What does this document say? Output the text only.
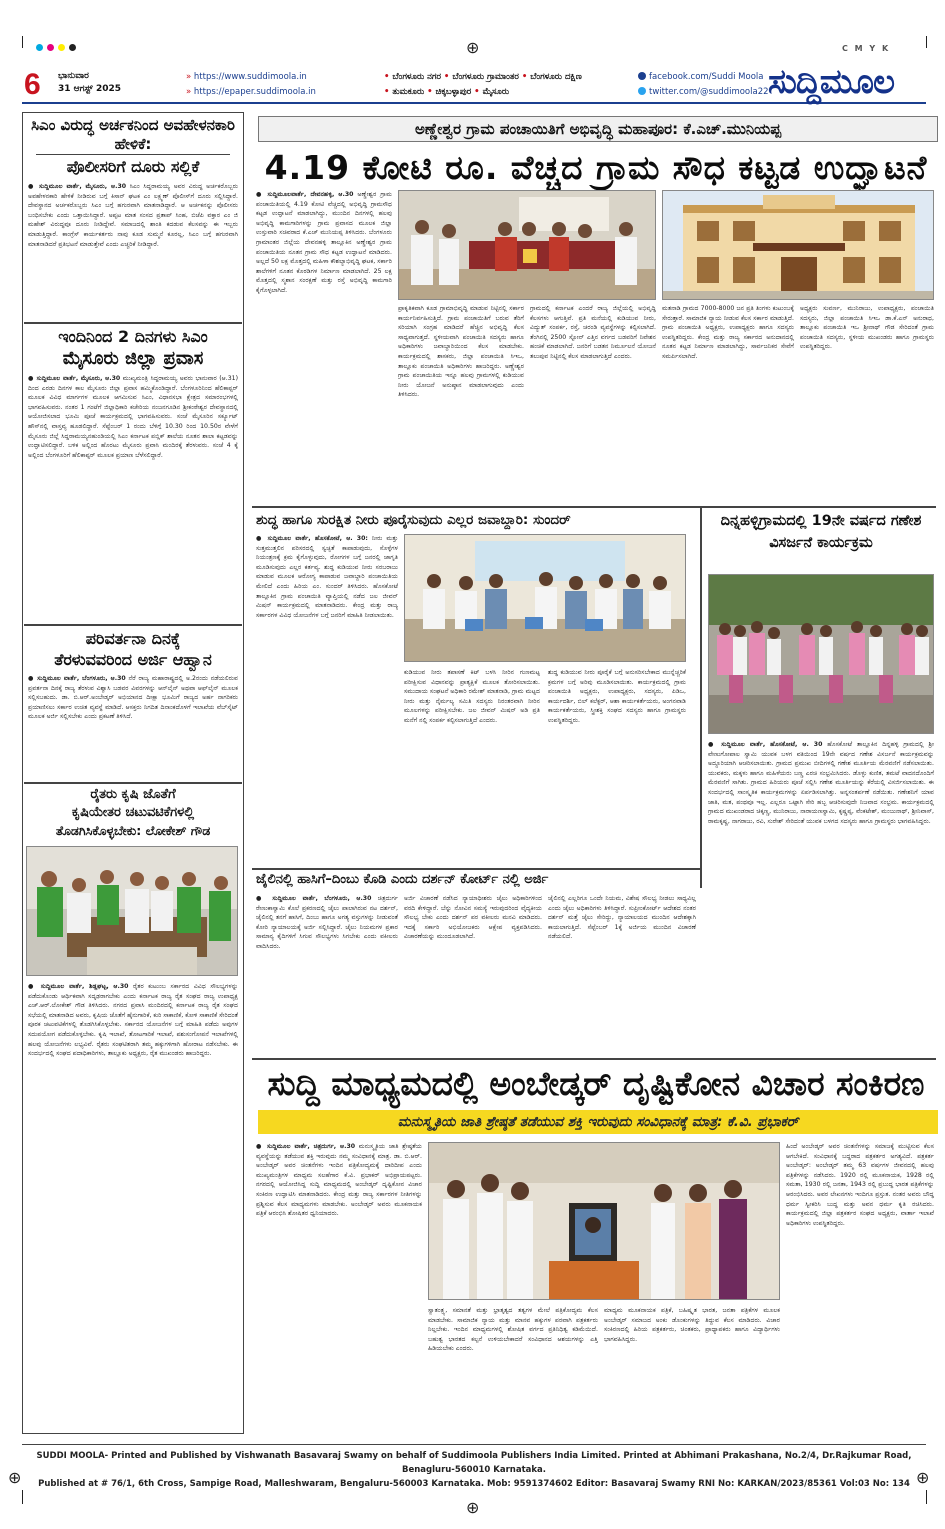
⊕
⊕	⊕
⊕
C M Y K
6 ಭಾನುವಾರ
31 ಆಗಸ್ಟ್ 2025
» https://www.suddimoola.in
» https://epaper.suddimoola.in
• ಬೆಂಗಳೂರು ನಗರ • ಬೆಂಗಳೂರು ಗ್ರಾಮಾಂತರ • ಬೆಂಗಳೂರು ದಕ್ಷಿಣ
• ತುಮಕೂರು • ಚಿಕ್ಕಬಳ್ಳಾಪುರ • ಮೈಸೂರು
facebook.com/Suddi Moola
twitter.com/@suddimoola22 ಸುದ್ದಿಮೂಲ
ಸಿಎಂ ವಿರುದ್ಧ ಅರ್ಚಕನಿಂದ ಅವಹೇಳನಕಾರಿ ಹೇಳಿಕೆ:
ಪೊಲೀಸರಿಗೆ ದೂರು ಸಲ್ಲಿಕೆ
● ಸುದ್ದಿಮೂಲ ವಾರ್ತೆ, ಮೈಸೂರು, ಆ.30 ಸಿಎಂ ಸಿದ್ದರಾಮಯ್ಯ ಅವರ ವಿರುದ್ಧ ಅರ್ಚಕರೊಬ್ಬರು ಅವಹೇಳನಕಾರಿ ಹೇಳಿಕೆ ನೀಡಿರುವ ಬಗ್ಗೆ ಕಿಸಾನ್ ಘಟಕ ಎಂ ಲಕ್ಷ್ಮಣ್ ಪೊಲೀಸ್‌ಗೆ ದೂರು ಸಲ್ಲಿಸಿದ್ದಾರೆ. ದೇವಸ್ಥಾನದ ಅರ್ಚಕರೊಬ್ಬರು ಸಿಎಂ ಬಗ್ಗೆ ಹಗುರವಾಗಿ ಮಾತನಾಡಿದ್ದಾರೆ. ಆ ಅರ್ಚಕನನ್ನು ಪೊಲೀಸರು ಬಂಧಿಸಬೇಕು ಎಂದು ಒತ್ತಾಯಿಸಿದ್ದಾರೆ. ಅಪ್ಪಟ ಮಾತ ಸಂಸದ ಪ್ರತಾಪ್ ಸಿಂಹ, ಬಿಜೆಪಿ ವಕ್ತಾರ ಎಂ ಜಿ ಮಹೇಶ್ ವಿರುದ್ಧವೂ ದೂರು ನೀಡಿದ್ದೇವೆ. ಸಮಾಜದಲ್ಲಿ ಶಾಂತಿ ಕದಡುವ ಕೆಲಸವನ್ನು ಈ ಇಬ್ಬರು ಮಾಡುತ್ತಿದ್ದಾರೆ. ಕಾಂಗ್ರೆಸ್ ಕಾರ್ಯಕರ್ತರು ನಾವು ಕೂಡ ಸುಮ್ಮನೆ ಕೂರಲ್ಲ, ಸಿಎಂ ಬಗ್ಗೆ ಹಗುರವಾಗಿ ಮಾತನಾಡಿದರೆ ಪ್ರತಿಭಟನೆ ಮಾಡುತ್ತೇವೆ ಎಂದು ಎಚ್ಚರಿಕೆ ನೀಡಿದ್ದಾರೆ.
ಇಂದಿನಿಂದ 2 ದಿನಗಳು ಸಿಎಂ
ಮೈಸೂರು ಜಿಲ್ಲಾ ಪ್ರವಾಸ
● ಸುದ್ದಿಮೂಲ ವಾರ್ತೆ, ಮೈಸೂರು, ಆ.30 ಮುಖ್ಯಮಂತ್ರಿ ಸಿದ್ದರಾಮಯ್ಯ ಅವರು ಭಾನುವಾರ (ಆ.31) ದಿಂದ ಎರಡು ದಿನಗಳ ಕಾಲ ಮೈಸೂರು ಜಿಲ್ಲಾ ಪ್ರವಾಸ ಹಮ್ಮಿಕೊಂಡಿದ್ದಾರೆ. ಬೆಂಗಳೂರಿನಿಂದ ಹೆಲಿಕಾಪ್ಟರ್ ಮೂಲಕ ವಿವಿಧ ಮಾರ್ಗಗಳ ಮೂಲಕ ಆಗಮಿಸುವ ಸಿಎಂ, ವಿಧಾನಸಭಾ ಕ್ಷೇತ್ರದ ಸಮಾರಂಭಗಳಲ್ಲಿ ಭಾಗವಹಿಸುವರು. ನಂತರ 1 ಗಂಟೆಗೆ ಜಿಲ್ಲಾಧಿಕಾರಿ ಕಚೇರಿಯ ನಂಜನಗೂಡಿನ ಶ್ರೀಕಂಠೇಶ್ವರ ದೇವಸ್ಥಾನದಲ್ಲಿ ಆಯೋಜಿಸಲಾದ ಭೂಮಿ ಪೂಜೆ ಕಾರ್ಯಕ್ರಮದಲ್ಲಿ ಭಾಗವಹಿಸುವರು. ಸಂಜೆ ಮೈಸೂರಿನ ಸರ್ಕ್ಯೂಟ್ ಹೌಸ್‌ನಲ್ಲಿ ವಾಸ್ತವ್ಯ ಹೂಡಲಿದ್ದಾರೆ. ಸೆಪ್ಟೆಂಬರ್ 1 ರಂದು ಬೆಳಿಗ್ಗೆ 10.30 ರಿಂದ 10.50ರ ವೇಳೆಗೆ ಮೈಸೂರು ಜಿಲ್ಲೆ ಸಿದ್ದರಾಮಯ್ಯನಹುಂಡಿಯಲ್ಲಿ ಸಿಎಂ ಕರ್ನಾಟಕ ಪಬ್ಲಿಕ್ ಶಾಲೆಯ ನೂತನ ಶಾಲಾ ಕಟ್ಟಡವನ್ನು ಉದ್ಘಾಟಿಸಲಿದ್ದಾರೆ. ಬಳಿಕ ಅಲ್ಲಿಂದ ಹೊರಟು ಮೈಸೂರು ಪ್ರವಾಸಿ ಮಂದಿರಕ್ಕೆ ತೆರಳುವರು. ಸಂಜೆ 4 ಕ್ಕೆ ಅಲ್ಲಿಂದ ಬೆಂಗಳೂರಿಗೆ ಹೆಲಿಕಾಪ್ಟರ್ ಮೂಲಕ ಪ್ರಯಾಣ ಬೆಳೆಸಲಿದ್ದಾರೆ.
ಪರಿವರ್ತನಾ ದಿನಕ್ಕೆ
ತೆರಳುವವರಿಂದ ಅರ್ಜಿ ಆಹ್ವಾನ
● ಸುದ್ದಿಮೂಲ ವಾರ್ತೆ, ಬೆಂಗಳೂರು, ಆ.30 ನೆರೆ ರಾಜ್ಯ ಮಹಾರಾಷ್ಟ್ರದಲ್ಲಿ ಅ.2ರಂದು ನಡೆಯಲಿರುವ ಪ್ರವರ್ತನಾ ದಿನಕ್ಕೆ ರಾಜ್ಯ ತೆರಳುವ ವಿಶ್ವಾಸಿ ಬಡವರ ವಿವರಗಳನ್ನು ಆನ್‌ಲೈನ್ ಅಥವಾ ಆಫ್‌ಲೈನ್ ಮೂಲಕ ಸಲ್ಲಿಸಬಹುದು. ಡಾ. ಬಿ.ಆರ್.ಅಂಬೇಡ್ಕರ್ ಅಭಿಯಾನದ ದೀಕ್ಷಾ ಭೂಮಿಗೆ ರಾಜ್ಯದ ಅರ್ಹ ನಾಗರಿಕರು ಪ್ರಯಾಣಿಸಲು ಸರ್ಕಾರ ಉಚಿತ ವ್ಯವಸ್ಥೆ ಮಾಡಿದೆ. ಆಸಕ್ತರು ನಿಗದಿತ ದಿನಾಂಕದೊಳಗೆ ಇಲಾಖೆಯ ವೆಬ್‌ಸೈಟ್ ಮೂಲಕ ಅರ್ಜಿ ಸಲ್ಲಿಸಬೇಕು ಎಂದು ಪ್ರಕಟಣೆ ತಿಳಿಸಿದೆ.
ರೈತರು ಕೃಷಿ ಜೊತೆಗೆ
ಕೃಷಿಯೇತರ ಚಟುವಟಿಕೆಗಳಲ್ಲಿ
ತೊಡಗಿಸಿಕೊಳ್ಳಬೇಕು: ಲೋಕೇಶ್ ಗೌಡ
● ಸುದ್ದಿಮೂಲ ವಾರ್ತೆ, ಶಿಡ್ಲಘಟ್ಟ, ಆ.30 ರೈತರ ಕುಟುಂಬ ಸರ್ಕಾರದ ವಿವಿಧ ಸೌಲಭ್ಯಗಳನ್ನು ಪಡೆದುಕೊಂಡು ಆರ್ಥಿಕವಾಗಿ ಸದೃಢರಾಗಬೇಕು ಎಂದು ಕರ್ನಾಟಕ ರಾಜ್ಯ ರೈತ ಸಂಘದ ರಾಜ್ಯ ಉಪಾಧ್ಯಕ್ಷ ಎಚ್.ಆರ್.ಲೋಕೇಶ್ ಗೌಡ ತಿಳಿಸಿದರು. ನಗರದ ಪ್ರವಾಸಿ ಮಂದಿರದಲ್ಲಿ ಕರ್ನಾಟಕ ರಾಜ್ಯ ರೈತ ಸಂಘದ ಸಭೆಯಲ್ಲಿ ಮಾತನಾಡಿದ ಅವರು, ಕೃಷಿಯ ಜೊತೆಗೆ ಹೈನುಗಾರಿಕೆ, ಕುರಿ ಸಾಕಾಣಿಕೆ, ಕೋಳಿ ಸಾಕಾಣಿಕೆ ಸೇರಿದಂತೆ ಪೂರಕ ಚಟುವಟಿಕೆಗಳಲ್ಲಿ ತೊಡಗಿಸಿಕೊಳ್ಳಬೇಕು. ಸರ್ಕಾರದ ಯೋಜನೆಗಳ ಬಗ್ಗೆ ಮಾಹಿತಿ ಪಡೆದು ಅವುಗಳ ಸದುಪಯೋಗ ಪಡೆದುಕೊಳ್ಳಬೇಕು. ಕೃಷಿ ಇಲಾಖೆ, ತೋಟಗಾರಿಕೆ ಇಲಾಖೆ, ಪಶುಸಂಗೋಪನೆ ಇಲಾಖೆಗಳಲ್ಲಿ ಹಲವು ಯೋಜನೆಗಳು ಲಭ್ಯವಿವೆ. ರೈತರು ಸಂಘಟಿತರಾಗಿ ತಮ್ಮ ಹಕ್ಕುಗಳಿಗಾಗಿ ಹೋರಾಟ ನಡೆಸಬೇಕು. ಈ ಸಂದರ್ಭದಲ್ಲಿ ಸಂಘದ ಪದಾಧಿಕಾರಿಗಳು, ತಾಲ್ಲೂಕು ಅಧ್ಯಕ್ಷರು, ರೈತ ಮುಖಂಡರು ಹಾಜರಿದ್ದರು.
ಅಣ್ಣೇಶ್ವರ ಗ್ರಾಮ ಪಂಚಾಯಿತಿಗೆ ಅಭಿವೃದ್ಧಿ ಮಹಾಪೂರ: ಕೆ.ಎಚ್.ಮುನಿಯಪ್ಪ
4.19 ಕೋಟಿ ರೂ. ವೆಚ್ಚದ ಗ್ರಾಮ ಸೌಧ ಕಟ್ಟಡ ಉದ್ಘಾಟನೆ
● ಸುದ್ದಿಮೂಲವಾರ್ತೆ, ದೇವನಹಳ್ಳಿ, ಆ.30 ಅಣ್ಣೇಶ್ವರ ಗ್ರಾಮ ಪಂಚಾಯಿತಿಯಲ್ಲಿ 4.19 ಕೋಟಿ ವೆಚ್ಚದಲ್ಲಿ ಅಭಿವೃದ್ಧಿ ಗ್ರಾಮಸೌಧ ಕಟ್ಟಡ ಉದ್ಘಾಟನೆ ಮಾಡಲಾಗಿದ್ದು, ಮುಂದಿನ ದಿನಗಳಲ್ಲಿ ಹಲವು ಅಭಿವೃದ್ಧಿ ಕಾಮಗಾರಿಗಳನ್ನು ಗ್ರಾಮ ಪ್ರವಾಸದ ಮೂಲಕ ಜಿಲ್ಲಾ ಉಸ್ತುವಾರಿ ಸಚಿವರಾದ ಕೆ.ಎಚ್ ಮುನಿಯಪ್ಪ ತಿಳಿಸಿದರು. ಬೆಂಗಳೂರು ಗ್ರಾಮಾಂತರ ಜಿಲ್ಲೆಯ ದೇವನಹಳ್ಳಿ ತಾಲ್ಲೂಕಿನ ಅಣ್ಣೇಶ್ವರ ಗ್ರಾಮ ಪಂಚಾಯಿತಿಯ ನೂತನ ಗ್ರಾಮ ಸೌಧ ಕಟ್ಟಡ ಉದ್ಘಾಟನೆ ಮಾಡಿದರು. ಅಲ್ಲದೆ 50 ಲಕ್ಷ ಮೊತ್ತದಲ್ಲಿ ಮಹಿಳಾ ಕೌಶಲ್ಯಾಭಿವೃದ್ಧಿ ಘಟಕ, ಸರ್ಕಾರಿ ಶಾಲೆಗಳಿಗೆ ನೂತನ ಕೊಠಡಿಗಳ ನಿರ್ಮಾಣ ಮಾಡಲಾಗಿದೆ. 25 ಲಕ್ಷ ಮೊತ್ತದಲ್ಲಿ ಸ್ಮಶಾನ ಸಂರಕ್ಷಣೆ ಮತ್ತು ರಸ್ತೆ ಅಭಿವೃದ್ಧಿ ಕಾಮಗಾರಿ ಕೈಗೊಳ್ಳಲಾಗಿದೆ.
ಪ್ರಾಕೃತಿಕವಾಗಿ ಕೂಡ ಗ್ರಾಮಾಭಿವೃದ್ಧಿ ಮಾಡುವ ನಿಟ್ಟಿನಲ್ಲಿ ಸರ್ಕಾರ ಕಾರ್ಯನಿರ್ವಹಿಸುತ್ತಿದೆ. ಗ್ರಾಮ ಪಂಚಾಯಿತಿಗೆ ಬರುವ ತೆರಿಗೆ ಸರಿಯಾಗಿ ಸಂಗ್ರಹ ಮಾಡಿದರೆ ಹೆಚ್ಚಿನ ಅಭಿವೃದ್ಧಿ ಕೆಲಸ ಸಾಧ್ಯವಾಗುತ್ತದೆ. ಸ್ಥಳೀಯವಾಗಿ ಪಂಚಾಯಿತಿ ಸದಸ್ಯರು ಹಾಗೂ ಅಧಿಕಾರಿಗಳು ಜವಾಬ್ದಾರಿಯಿಂದ ಕೆಲಸ ಮಾಡಬೇಕು. ಕಾರ್ಯಕ್ರಮದಲ್ಲಿ ಶಾಸಕರು, ಜಿಲ್ಲಾ ಪಂಚಾಯಿತಿ ಸಿಇಒ, ತಾಲ್ಲೂಕು ಪಂಚಾಯಿತಿ ಅಧಿಕಾರಿಗಳು ಹಾಜರಿದ್ದರು. ಅಣ್ಣೇಶ್ವರ ಗ್ರಾಮ ಪಂಚಾಯಿತಿಯ ಇನ್ನೂ ಹಲವು ಗ್ರಾಮಗಳಲ್ಲಿ ಕುಡಿಯುವ ನೀರು ಯೋಜನೆ ಅನುಷ್ಠಾನ ಮಾಡಲಾಗುವುದು ಎಂದು ತಿಳಿಸಿದರು.
ಗ್ರಾಮದಲ್ಲಿ ಕರ್ನಾಟಕ ಎಂದರೆ ರಾಜ್ಯ ಜಿಲ್ಲೆಯಲ್ಲಿ ಅಭಿವೃದ್ಧಿ ಕೆಲಸಗಳು ಆಗುತ್ತಿವೆ. ಪ್ರತಿ ಮನೆಯಲ್ಲಿ ಕುಡಿಯುವ ನೀರು, ವಿದ್ಯುತ್ ಸಂಪರ್ಕ, ರಸ್ತೆ, ಚರಂಡಿ ವ್ಯವಸ್ಥೆಗಳನ್ನು ಕಲ್ಪಿಸಲಾಗಿದೆ. ತೆಂಗಿನಲ್ಲಿ 2500 ಸ್ಟೋನ್ ಎತ್ತಿನ ವರ್ಗದ ಬಡವರಿಗೆ ನಿವೇಶನ ಹಂಚಿಕೆ ಮಾಡಲಾಗಿದೆ. ಜನರಿಗೆ ಬಡತನ ನಿರ್ಮೂಲನೆ ಯೋಜನೆ ತಲುಪುವ ನಿಟ್ಟಿನಲ್ಲಿ ಕೆಲಸ ಮಾಡಲಾಗುತ್ತಿದೆ ಎಂದರು.
ಮತನಾಡಿ ಗ್ರಾಮದ 7000-8000 ಜನ ಪ್ರತಿ ತಿಂಗಳು ಕುಟುಂಬಕ್ಕೆ ಸೇರುತ್ತಾರೆ. ಸಾಮಾಜಿಕ ನ್ಯಾಯ ನೀಡುವ ಕೆಲಸ ಸರ್ಕಾರ ಮಾಡುತ್ತಿದೆ. ಗ್ರಾಮ ಪಂಚಾಯಿತಿ ಅಧ್ಯಕ್ಷರು, ಉಪಾಧ್ಯಕ್ಷರು ಹಾಗೂ ಸದಸ್ಯರು ಉಪಸ್ಥಿತರಿದ್ದರು. ಕೇಂದ್ರ ಮತ್ತು ರಾಜ್ಯ ಸರ್ಕಾರದ ಅನುದಾನದಲ್ಲಿ ನೂತನ ಕಟ್ಟಡ ನಿರ್ಮಾಣ ಮಾಡಲಾಗಿದ್ದು, ಸಾರ್ವಜನಿಕರ ಸೇವೆಗೆ ಸಮರ್ಪಿಸಲಾಗಿದೆ.
ಅಧ್ಯಕ್ಷರು ಸುವರ್ಣ, ಮುನಿರಾಜು, ಉಪಾಧ್ಯಕ್ಷರು, ಪಂಚಾಯಿತಿ ಸದಸ್ಯರು, ಜಿಲ್ಲಾ ಪಂಚಾಯಿತಿ ಸಿಇಒ ಡಾ.ಕೆ.ಎನ್ ಅನುರಾಧ, ತಾಲ್ಲೂಕು ಪಂಚಾಯಿತಿ ಇಒ ಶ್ರೀನಾಥ್ ಗೌಡ ಸೇರಿದಂತೆ ಗ್ರಾಮ ಪಂಚಾಯಿತಿ ಸದಸ್ಯರು, ಸ್ಥಳೀಯ ಮುಖಂಡರು ಹಾಗೂ ಗ್ರಾಮಸ್ಥರು ಉಪಸ್ಥಿತರಿದ್ದರು.
ಶುದ್ಧ ಹಾಗೂ ಸುರಕ್ಷಿತ ನೀರು ಪೂರೈಸುವುದು ಎಲ್ಲರ ಜವಾಬ್ದಾರಿ: ಸುಂದರ್
● ಸುದ್ದಿಮೂಲ ವಾರ್ತೆ, ಹೊಸಕೋಟೆ, ಆ. 30: ನೀರು ಮತ್ತು ಸುತ್ತಮುತ್ತಲಿನ ಪರಿಸರದಲ್ಲಿ ಸ್ವಚ್ಛತೆ ಕಾಪಾಡುವುದು, ಸೊಳ್ಳೆಗಳ ನಿಯಂತ್ರಣಕ್ಕೆ ಕ್ರಮ ಕೈಗೊಳ್ಳುವುದು, ರೋಗಗಳ ಬಗ್ಗೆ ಜನರಲ್ಲಿ ಜಾಗೃತಿ ಮೂಡಿಸುವುದು ಎಲ್ಲರ ಕರ್ತವ್ಯ. ಶುದ್ಧ ಕುಡಿಯುವ ನೀರು ಸರಬರಾಜು ಮಾಡುವ ಮೂಲಕ ಆರೋಗ್ಯ ಕಾಪಾಡುವ ಜವಾಬ್ದಾರಿ ಪಂಚಾಯಿತಿಯ ಮೇಲಿದೆ ಎಂದು ಹಿರಿಯ ಎಂ. ಸುಂದರ್ ತಿಳಿಸಿದರು. ಹೊಸಕೋಟೆ ತಾಲ್ಲೂಕಿನ ಗ್ರಾಮ ಪಂಚಾಯಿತಿ ವ್ಯಾಪ್ತಿಯಲ್ಲಿ ನಡೆದ ಜಲ ಜೀವನ್ ಮಿಷನ್ ಕಾರ್ಯಕ್ರಮದಲ್ಲಿ ಮಾತನಾಡಿದರು. ಕೇಂದ್ರ ಮತ್ತು ರಾಜ್ಯ ಸರ್ಕಾರಗಳ ವಿವಿಧ ಯೋಜನೆಗಳ ಬಗ್ಗೆ ಜನರಿಗೆ ಮಾಹಿತಿ ನೀಡಲಾಯಿತು.
ಕುಡಿಯುವ ನೀರು ತಪಾಸಣೆ ಕಿಟ್ ಬಳಸಿ ನೀರಿನ ಗುಣಮಟ್ಟ ಪರೀಕ್ಷಿಸುವ ವಿಧಾನವನ್ನು ಪ್ರಾತ್ಯಕ್ಷಿಕೆ ಮೂಲಕ ತೋರಿಸಲಾಯಿತು. ಸಮುದಾಯ ಸಂಘಟನೆ ಅಧಿಕಾರಿ ರಮೇಶ್ ಮಾತನಾಡಿ, ಗ್ರಾಮ ಮಟ್ಟದ ನೀರು ಮತ್ತು ನೈರ್ಮಲ್ಯ ಸಮಿತಿ ಸದಸ್ಯರು ನಿರಂತರವಾಗಿ ನೀರಿನ ಮೂಲಗಳನ್ನು ಪರೀಕ್ಷಿಸಬೇಕು. ಜಲ ಜೀವನ್ ಮಿಷನ್ ಅಡಿ ಪ್ರತಿ ಮನೆಗೆ ನಲ್ಲಿ ಸಂಪರ್ಕ ಕಲ್ಪಿಸಲಾಗುತ್ತಿದೆ ಎಂದರು.
ಶುದ್ಧ ಕುಡಿಯುವ ನೀರು ಪೂರೈಕೆ ಬಗ್ಗೆ ಅನುಸರಿಸಬೇಕಾದ ಮುನ್ನೆಚ್ಚರಿಕೆ ಕ್ರಮಗಳ ಬಗ್ಗೆ ಅರಿವು ಮೂಡಿಸಲಾಯಿತು. ಕಾರ್ಯಕ್ರಮದಲ್ಲಿ ಗ್ರಾಮ ಪಂಚಾಯಿತಿ ಅಧ್ಯಕ್ಷರು, ಉಪಾಧ್ಯಕ್ಷರು, ಸದಸ್ಯರು, ಪಿಡಿಒ, ಕಾರ್ಯದರ್ಶಿ, ಬಿಲ್ ಕಲೆಕ್ಟರ್, ಆಶಾ ಕಾರ್ಯಕರ್ತೆಯರು, ಅಂಗನವಾಡಿ ಕಾರ್ಯಕರ್ತೆಯರು, ಸ್ತ್ರೀಶಕ್ತಿ ಸಂಘದ ಸದಸ್ಯರು ಹಾಗೂ ಗ್ರಾಮಸ್ಥರು ಉಪಸ್ಥಿತರಿದ್ದರು.
ದಿನ್ನಹಳ್ಳಿಗ್ರಾಮದಲ್ಲಿ 19ನೇ ವರ್ಷದ ಗಣೇಶ ವಿಸರ್ಜನೆ ಕಾರ್ಯಕ್ರಮ
● ಸುದ್ದಿಮೂಲ ವಾರ್ತೆ, ಹೊಸಕೋಟೆ, ಆ. 30 ಹೊಸಕೋಟೆ ತಾಲ್ಲೂಕಿನ ದಿನ್ನಹಳ್ಳಿ ಗ್ರಾಮದಲ್ಲಿ ಶ್ರೀ ವೇಣುಗೋಪಾಲ ಸ್ವಾಮಿ ಯುವಕ ಬಳಗ ವತಿಯಿಂದ 19ನೇ ವರ್ಷದ ಗಣೇಶ ವಿಸರ್ಜನೆ ಕಾರ್ಯಕ್ರಮವನ್ನು ಅದ್ದೂರಿಯಾಗಿ ಆಚರಿಸಲಾಯಿತು. ಗ್ರಾಮದ ಪ್ರಮುಖ ಬೀದಿಗಳಲ್ಲಿ ಗಣೇಶ ಮೂರ್ತಿಯ ಮೆರವಣಿಗೆ ನಡೆಸಲಾಯಿತು. ಯುವಕರು, ಮಕ್ಕಳು ಹಾಗೂ ಮಹಿಳೆಯರು ಬಣ್ಣ ಎರಚಿ ಸಂಭ್ರಮಿಸಿದರು. ಡೊಳ್ಳು ಕುಣಿತ, ತಮಟೆ ವಾದನದೊಂದಿಗೆ ಮೆರವಣಿಗೆ ಸಾಗಿತು. ಗ್ರಾಮದ ಹಿರಿಯರು ಪೂಜೆ ಸಲ್ಲಿಸಿ ಗಣೇಶ ಮೂರ್ತಿಯನ್ನು ಕೆರೆಯಲ್ಲಿ ವಿಸರ್ಜಿಸಲಾಯಿತು. ಈ ಸಂದರ್ಭದಲ್ಲಿ ಸಾಂಸ್ಕೃತಿಕ ಕಾರ್ಯಕ್ರಮಗಳನ್ನು ಏರ್ಪಡಿಸಲಾಗಿತ್ತು. ಅನ್ನಸಂತರ್ಪಣೆ ನಡೆಯಿತು. ಗಣೇಶನಿಗೆ ಯಾವ ಜಾತಿ, ಮತ, ಪಂಥವೂ ಇಲ್ಲ. ಎಲ್ಲರೂ ಒಟ್ಟಾಗಿ ಸೇರಿ ಹಬ್ಬ ಆಚರಿಸುವುದೇ ನಿಜವಾದ ಸಂಭ್ರಮ. ಕಾರ್ಯಕ್ರಮದಲ್ಲಿ ಗ್ರಾಮದ ಮುಖಂಡರಾದ ಚಿಕ್ಕಣ್ಣ, ಮುನಿರಾಜು, ನಾರಾಯಣಸ್ವಾಮಿ, ಕೃಷ್ಣಪ್ಪ, ವೆಂಕಟೇಶ್, ಮಂಜುನಾಥ್, ಶ್ರೀನಿವಾಸ್, ರಾಮಕೃಷ್ಣ, ನಾಗರಾಜು, ರವಿ, ಸುರೇಶ್ ಸೇರಿದಂತೆ ಯುವಕ ಬಳಗದ ಸದಸ್ಯರು ಹಾಗೂ ಗ್ರಾಮಸ್ಥರು ಭಾಗವಹಿಸಿದ್ದರು.
ಜೈಲಿನಲ್ಲಿ ಹಾಸಿಗೆ–ದಿಂಬು ಕೊಡಿ ಎಂದು ದರ್ಶನ್ ಕೋರ್ಟ್ ನಲ್ಲಿ ಅರ್ಜಿ
● ಸುದ್ದಿಮೂಲ ವಾರ್ತೆ, ಬೆಂಗಳೂರು, ಆ.30 ಚಿತ್ರದುರ್ಗ ರೇಣುಕಾಸ್ವಾಮಿ ಕೊಲೆ ಪ್ರಕರಣದಲ್ಲಿ ಜೈಲು ಪಾಲಾಗಿರುವ ನಟ ದರ್ಶನ್, ಜೈಲಿನಲ್ಲಿ ತನಗೆ ಹಾಸಿಗೆ, ದಿಂಬು ಹಾಗೂ ಅಗತ್ಯ ವಸ್ತುಗಳನ್ನು ನೀಡುವಂತೆ ಕೋರಿ ನ್ಯಾಯಾಲಯಕ್ಕೆ ಅರ್ಜಿ ಸಲ್ಲಿಸಿದ್ದಾರೆ. ಜೈಲು ನಿಯಮಗಳ ಪ್ರಕಾರ ಸಾಮಾನ್ಯ ಕೈದಿಗಳಿಗೆ ಸಿಗುವ ಸೌಲಭ್ಯಗಳು ಸಿಗಬೇಕು ಎಂದು ವಕೀಲರು ವಾದಿಸಿದರು.
ಅರ್ಜಿ ವಿಚಾರಣೆ ನಡೆಸಿದ ನ್ಯಾಯಾಧೀಶರು ಜೈಲು ಅಧಿಕಾರಿಗಳಿಂದ ವರದಿ ಕೇಳಿದ್ದಾರೆ. ಬೆನ್ನು ನೋವಿನ ಸಮಸ್ಯೆ ಇರುವುದರಿಂದ ವೈದ್ಯಕೀಯ ಸೌಲಭ್ಯ ಬೇಕು ಎಂದು ದರ್ಶನ್ ಪರ ವಕೀಲರು ಮನವಿ ಮಾಡಿದರು. ಇದಕ್ಕೆ ಸರ್ಕಾರಿ ಅಭಿಯೋಜಕರು ಆಕ್ಷೇಪ ವ್ಯಕ್ತಪಡಿಸಿದರು. ವಿಚಾರಣೆಯನ್ನು ಮುಂದೂಡಲಾಗಿದೆ.
ಜೈಲಿನಲ್ಲಿ ಎಲ್ಲರಿಗೂ ಒಂದೇ ನಿಯಮ, ವಿಶೇಷ ಸೌಲಭ್ಯ ನೀಡಲು ಸಾಧ್ಯವಿಲ್ಲ ಎಂದು ಜೈಲು ಅಧಿಕಾರಿಗಳು ತಿಳಿಸಿದ್ದಾರೆ. ಸುಪ್ರೀಂಕೋರ್ಟ್ ಆದೇಶದ ನಂತರ ದರ್ಶನ್ ಮತ್ತೆ ಜೈಲು ಸೇರಿದ್ದು, ನ್ಯಾಯಾಲಯದ ಮುಂದಿನ ಆದೇಶಕ್ಕಾಗಿ ಕಾಯಲಾಗುತ್ತಿದೆ. ಸೆಪ್ಟೆಂಬರ್ 1ಕ್ಕೆ ಅರ್ಜಿಯ ಮುಂದಿನ ವಿಚಾರಣೆ ನಡೆಯಲಿದೆ.
ಸುದ್ದಿ ಮಾಧ್ಯಮದಲ್ಲಿ ಅಂಬೇಡ್ಕರ್ ದೃಷ್ಟಿಕೋನ ವಿಚಾರ ಸಂಕಿರಣ
ಮನುಸ್ಮೃತಿಯ ಜಾತಿ ಶ್ರೇಷ್ಠತೆ ತಡೆಯುವ ಶಕ್ತಿ ಇರುವುದು ಸಂವಿಧಾನಕ್ಕೆ ಮಾತ್ರ: ಕೆ.ವಿ. ಪ್ರಭಾಕರ್
● ಸುದ್ದಿಮೂಲ ವಾರ್ತೆ, ಚಿತ್ರದುರ್ಗ, ಆ.30 ಮನುಸ್ಮೃತಿಯ ಜಾತಿ ಶ್ರೇಷ್ಠತೆಯ ವ್ಯವಸ್ಥೆಯನ್ನು ತಡೆಯುವ ಶಕ್ತಿ ಇರುವುದು ನಮ್ಮ ಸಂವಿಧಾನಕ್ಕೆ ಮಾತ್ರ. ಡಾ. ಬಿ.ಆರ್. ಅಂಬೇಡ್ಕರ್ ಅವರ ಚಿಂತನೆಗಳು ಇಂದಿನ ಪತ್ರಿಕೋದ್ಯಮಕ್ಕೆ ದಾರಿದೀಪ ಎಂದು ಮುಖ್ಯಮಂತ್ರಿಗಳ ಮಾಧ್ಯಮ ಸಲಹೆಗಾರ ಕೆ.ವಿ. ಪ್ರಭಾಕರ್ ಅಭಿಪ್ರಾಯಪಟ್ಟರು. ನಗರದಲ್ಲಿ ಆಯೋಜಿಸಿದ್ದ ಸುದ್ದಿ ಮಾಧ್ಯಮದಲ್ಲಿ ಅಂಬೇಡ್ಕರ್ ದೃಷ್ಟಿಕೋನ ವಿಚಾರ ಸಂಕಿರಣ ಉದ್ಘಾಟಿಸಿ ಮಾತನಾಡಿದರು. ಕೇಂದ್ರ ಮತ್ತು ರಾಜ್ಯ ಸರ್ಕಾರಗಳ ನೀತಿಗಳನ್ನು ಪ್ರಶ್ನಿಸುವ ಕೆಲಸ ಮಾಧ್ಯಮಗಳು ಮಾಡಬೇಕು. ಅಂಬೇಡ್ಕರ್ ಅವರು ಮೂಕನಾಯಕ ಪತ್ರಿಕೆ ಆರಂಭಿಸಿ ಶೋಷಿತರ ಧ್ವನಿಯಾದರು.
ಸ್ವಾತಂತ್ರ್ಯ, ಸಮಾನತೆ ಮತ್ತು ಭ್ರಾತೃತ್ವದ ತತ್ವಗಳ ಮೇಲೆ ಪತ್ರಿಕೋದ್ಯಮ ಕೆಲಸ ಮಾಡಬೇಕು. ಸಾಮಾಜಿಕ ನ್ಯಾಯ ಮತ್ತು ಮಾನವ ಹಕ್ಕುಗಳ ಪರವಾಗಿ ಪತ್ರಕರ್ತರು ನಿಲ್ಲಬೇಕು. ಇಂದಿನ ಮಾಧ್ಯಮಗಳಲ್ಲಿ ಶೋಷಿತ ವರ್ಗದ ಪ್ರತಿನಿಧಿತ್ವ ಕಡಿಮೆಯಿದೆ. ಬಹುತ್ವ ಭಾರತದ ಕಲ್ಪನೆ ಉಳಿಯಬೇಕಾದರೆ ಸಂವಿಧಾನದ ಆಶಯಗಳನ್ನು ಎತ್ತಿ ಹಿಡಿಯಬೇಕು ಎಂದರು.
ಮಾಧ್ಯಮ ಮೂಕನಾಯಕ ಪತ್ರಿಕೆ, ಬಹಿಷ್ಕೃತ ಭಾರತ, ಜನತಾ ಪತ್ರಿಕೆಗಳ ಮೂಲಕ ಅಂಬೇಡ್ಕರ್ ಸಮಾಜದ ಅಂಕು ಡೊಂಕುಗಳನ್ನು ತಿದ್ದುವ ಕೆಲಸ ಮಾಡಿದರು. ವಿಚಾರ ಸಂಕಿರಣದಲ್ಲಿ ಹಿರಿಯ ಪತ್ರಕರ್ತರು, ಚಿಂತಕರು, ಪ್ರಾಧ್ಯಾಪಕರು ಹಾಗೂ ವಿದ್ಯಾರ್ಥಿಗಳು ಭಾಗವಹಿಸಿದ್ದರು.
ಹಿಂದೆ ಅಂಬೇಡ್ಕರ್ ಅವರ ಚಿಂತನೆಗಳನ್ನು ಸಮಾಜಕ್ಕೆ ಮುಟ್ಟಿಸುವ ಕೆಲಸ ಆಗಬೇಕಿದೆ. ಸಂವಿಧಾನಕ್ಕೆ ಬದ್ಧರಾದ ಪತ್ರಕರ್ತರ ಅಗತ್ಯವಿದೆ. ಪತ್ರಕರ್ತ ಅಂಬೇಡ್ಕರ್: ಅಂಬೇಡ್ಕರ್ ತಮ್ಮ 63 ವರ್ಷಗಳ ಜೀವನದಲ್ಲಿ ಹಲವು ಪತ್ರಿಕೆಗಳನ್ನು ನಡೆಸಿದರು. 1920 ರಲ್ಲಿ ಮೂಕನಾಯಕ, 1928 ರಲ್ಲಿ ಸಮತಾ, 1930 ರಲ್ಲಿ ಜನತಾ, 1943 ರಲ್ಲಿ ಪ್ರಬುದ್ಧ ಭಾರತ ಪತ್ರಿಕೆಗಳನ್ನು ಆರಂಭಿಸಿದರು. ಅವರ ಲೇಖನಗಳು ಇಂದಿಗೂ ಪ್ರಸ್ತುತ. ನಂತರ ಅವರು ಬೌದ್ಧ ಧರ್ಮ ಸ್ವೀಕರಿಸಿ ಬುದ್ಧ ಮತ್ತು ಅವನ ಧರ್ಮ ಕೃತಿ ರಚಿಸಿದರು. ಕಾರ್ಯಕ್ರಮದಲ್ಲಿ ಜಿಲ್ಲಾ ಪತ್ರಕರ್ತರ ಸಂಘದ ಅಧ್ಯಕ್ಷರು, ವಾರ್ತಾ ಇಲಾಖೆ ಅಧಿಕಾರಿಗಳು ಉಪಸ್ಥಿತರಿದ್ದರು.
SUDDI MOOLA- Printed and Published by Vishwanath Basavaraj Swamy on behalf of Suddimoola Publishers India Limited. Printed at Abhimani Prakashana, No.2/4, Dr.Rajkumar Road, Benagluru-560010 Karnataka.
Published at # 76/1, 6th Cross, Sampige Road, Malleshwaram, Bengaluru-560003 Karnataka. Mob: 9591374602 Editor: Basavaraj Swamy RNI No: KARKAN/2023/85361 Vol:03 No: 134
